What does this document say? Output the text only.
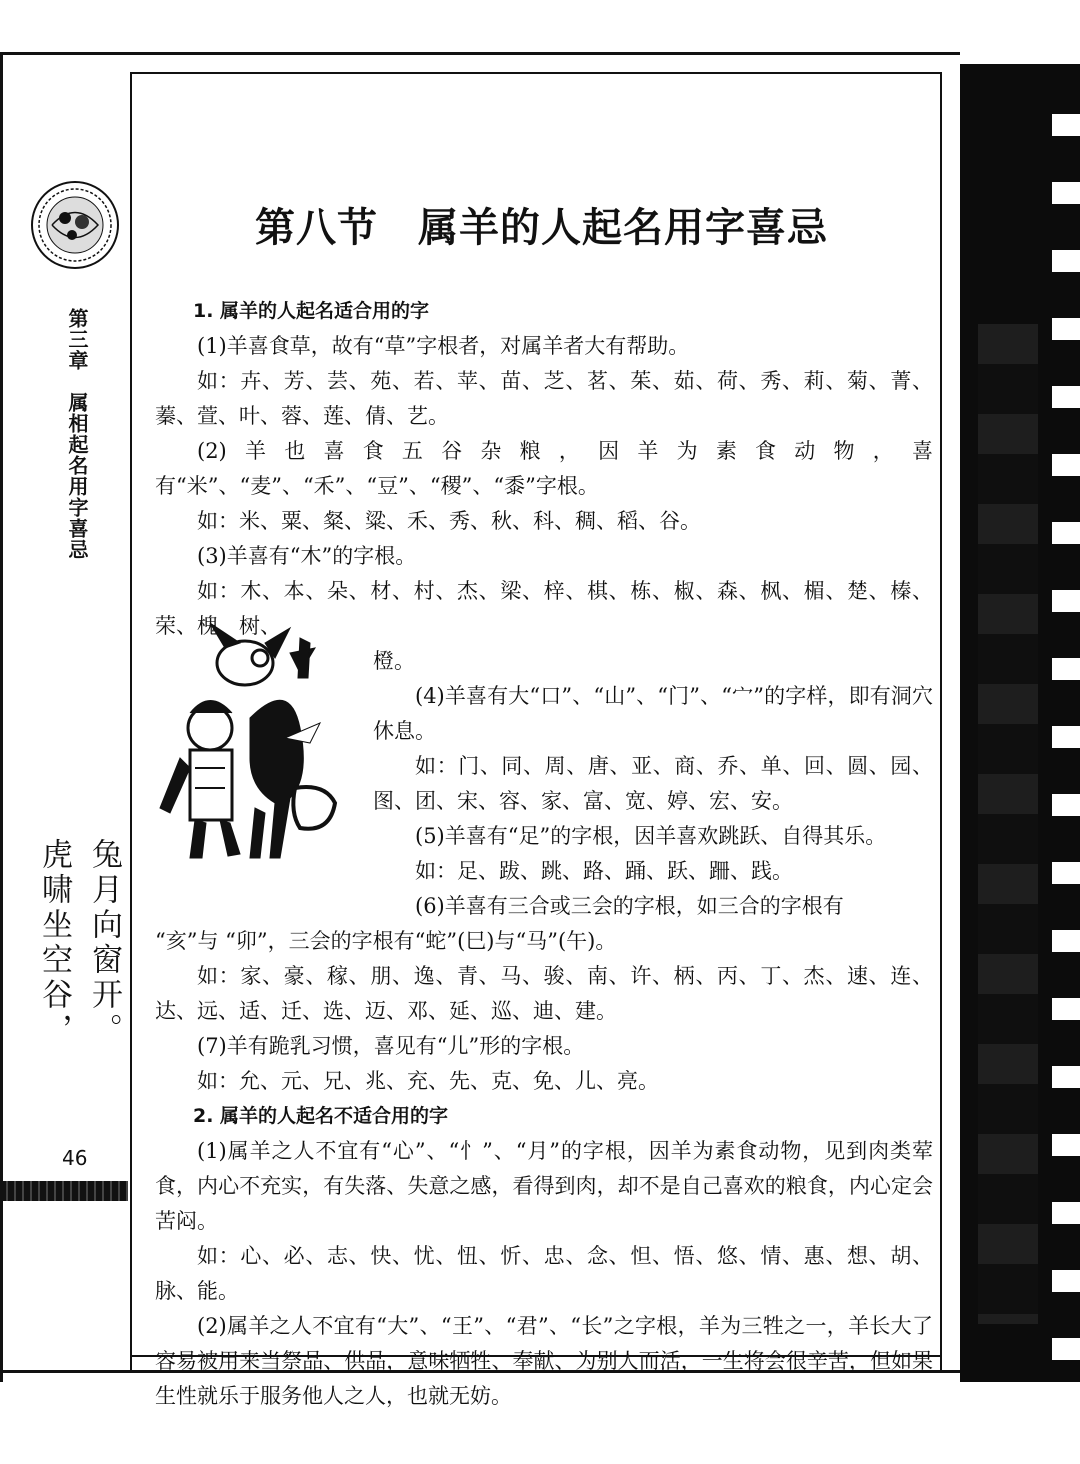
第三章　属相起名用字喜忌
兔月向窗开。
虎啸坐空谷，
46
第八节 属羊的人起名用字喜忌

1. 属羊的人起名适合用的字

(1)羊喜食草，故有“草”字根者，对属羊者大有帮助。

如：卉、芳、芸、苑、若、苹、苗、芝、茗、茱、茹、荷、秀、莉、菊、菁、蓁、萱、叶、蓉、莲、倩、艺。

(2)羊也喜食五谷杂粮，因羊为素食动物，喜有“米”、“麦”、“禾”、“豆”、“稷”、“黍”字根。

如：米、粟、粲、粱、禾、秀、秋、科、稠、稻、谷。

(3)羊喜有“木”的字根。

如：木、本、朵、材、村、杰、梁、梓、棋、栋、椒、森、枫、楣、楚、榛、荣、槐、树、

橙。

(4)羊喜有大“口”、“山”、“门”、“宀”的字样，即有洞穴休息。

如：门、同、周、唐、亚、商、乔、单、回、圆、园、图、团、宋、容、家、富、宽、婷、宏、安。

(5)羊喜有“足”的字根，因羊喜欢跳跃、自得其乐。

如：足、跋、跳、路、踊、跃、跚、践。

(6)羊喜有三合或三会的字根，如三合的字根有

“亥”与 “卯”，三会的字根有“蛇”(巳)与“马”(午)。

如：家、豪、稼、朋、逸、青、马、骏、南、许、柄、丙、丁、杰、速、连、达、远、适、迁、选、迈、邓、延、巡、迪、建。

(7)羊有跪乳习惯，喜见有“儿”形的字根。

如：允、元、兄、兆、充、先、克、免、儿、亮。

2. 属羊的人起名不适合用的字

(1)属羊之人不宜有“心”、“忄”、“月”的字根，因羊为素食动物，见到肉类荤食，内心不充实，有失落、失意之感，看得到肉，却不是自己喜欢的粮食，内心定会苦闷。

如：心、必、志、快、忧、忸、忻、忠、念、怛、悟、悠、情、惠、想、胡、脉、能。

(2)属羊之人不宜有“大”、“王”、“君”、“长”之字根，羊为三牲之一，羊长大了容易被用来当祭品、供品，意味牺牲、奉献、为别人而活，一生将会很辛苦，但如果生性就乐于服务他人之人，也就无妨。
